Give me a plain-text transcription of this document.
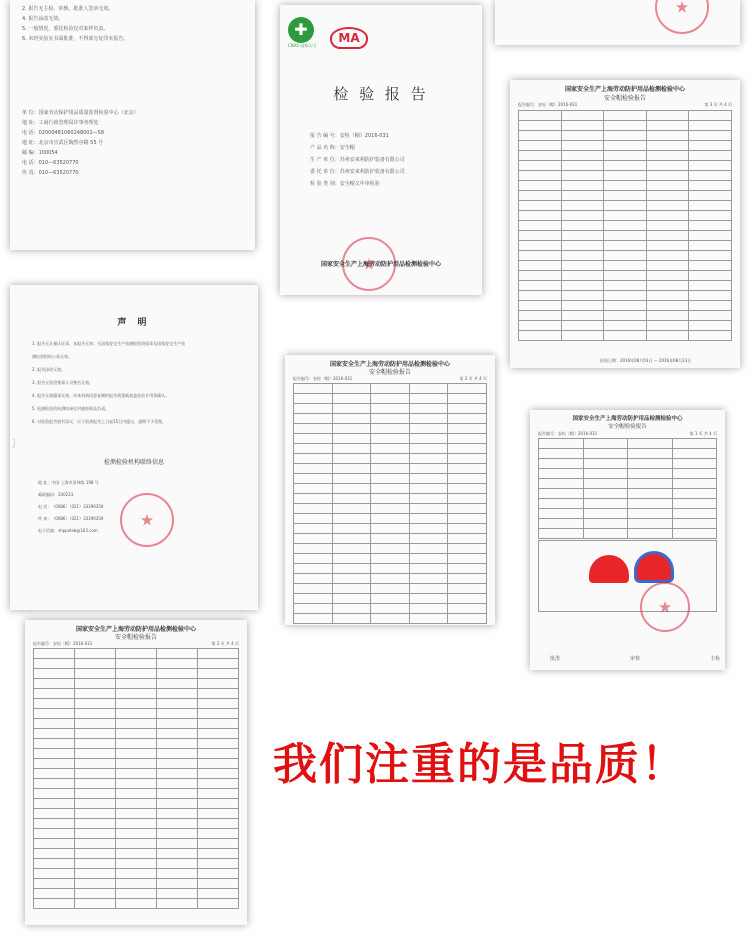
2. 报告无主检、审核、批准人签章无效。
4. 报告涂改无效。
5. 一般情况，委托检验仅对来样负责。
6. 未经实验室书面批准，不得部分复印本报告。
单 位：国家劳动保护用品质量监督检验中心（北京）
地 址：工商行政管理局许事务理处
电 话：02000481060248002—58
地 址：北京市宣武区陶然亭路 55 号
邮 编：100054
电 话：010—63520770
传 真：010—63520770
✚
CNAS 国家认可
MA
检 验 报 告
报 告 编 号：安检（帽）2016-031
产 品 名 称：安全帽
生 产 单 位：苏州安来利防护装备有限公司
委 托 单 位：苏州安来利防护装备有限公司
检 验 类 别：安全帽又年审检验
★
国家安全生产上海劳动防护用品检测检验中心
★
国家安全生产上海劳动防护用品检测检验中心
安全帽检验报告
报告编号：安检（帽）2016-031	第 3 页 共 4 页

检验日期：2016年08月03日 — 2016年08月23日
声 明
1. 报告无计量认证章，本报告无效；无国家安全生产检测检验资质章及国家安全生产检
测检验机构公章无效。
2. 报告涂改无效。
3. 报告无检验签章人员签名无效。
4. 报告无骑缝章无效，经本机构同意复制的报告需重新加盖检验专用章确认。
5. 检测检验的检测结果仅对被检样品负责。
6. 对检验报告如有异议，应于收到报告之日起15日内提出，逾期不予受理。
检测检验机构联络信息
地 址：中国·上海市田林路 198 号
邮政编码：200233
电 话：（0086）（021）33390359
传 真：（0086）（021）33390359
电子信箱：shppelab@163.com
★
〕
国家安全生产上海劳动防护用品检测检验中心
安全帽检验报告
报告编号：安检（帽）2016-031	第 2 页 共 4 页

国家安全生产上海劳动防护用品检测检验中心
安全帽检验报告
报告编号：安检（帽）2016-031	第 1 页 共 4 页

★
批准	审核	主检
国家安全生产上海劳动防护用品检测检验中心
安全帽检验报告
报告编号：安检（帽）2016-031	第 2 页 共 4 页

我们注重的是品质！
